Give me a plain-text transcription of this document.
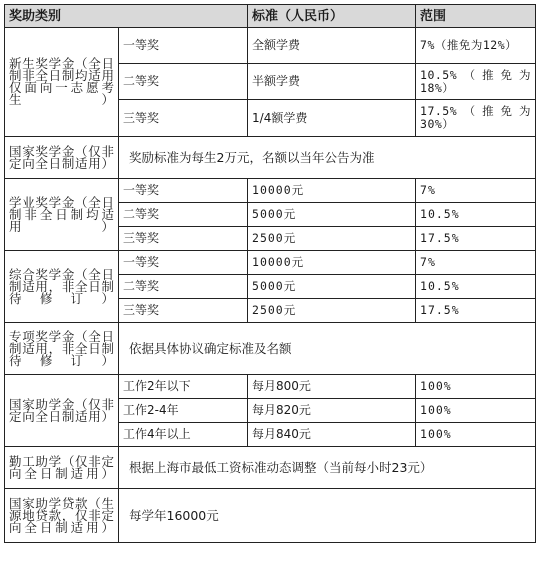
奖助类别		标准（人民币）	范围
新生奖学金（全日制非全日制均适用仅面向一志愿考生）	一等奖	全额学费	7%（推免为12%）
	二等奖	半额学费	10.5%（推免为18%）
	三等奖	1/4额学费	17.5%（推免为30%）
国家奖学金（仅非定向全日制适用）	奖励标准为每生2万元，名额以当年公告为准		
学业奖学金（全日制非全日制均适用）	一等奖	10000元	7%
	二等奖	5000元	10.5%
	三等奖	2500元	17.5%
综合奖学金（全日制适用，非全日制待修订）	一等奖	10000元	7%
	二等奖	5000元	10.5%
	三等奖	2500元	17.5%
专项奖学金（全日制适用，非全日制待修订）	依据具体协议确定标准及名额		
国家助学金（仅非定向全日制适用）	工作2年以下	每月800元	100%
	工作2-4年	每月820元	100%
	工作4年以上	每月840元	100%
勤工助学（仅非定向全日制适用）	根据上海市最低工资标准动态调整（当前每小时23元）		
国家助学贷款（生源地贷款，仅非定向全日制适用）	每学年16000元		
